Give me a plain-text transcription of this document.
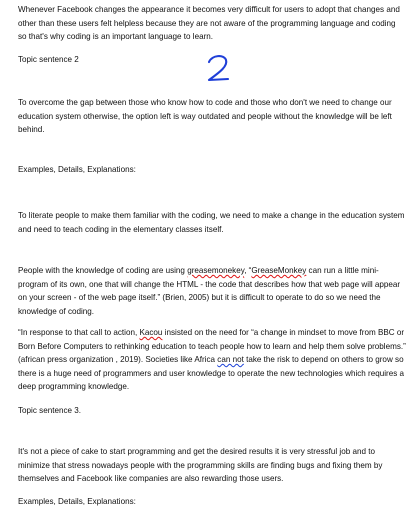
Whenever Facebook changes the appearance it becomes very difficult for users to adopt that changes and other than these users felt helpless because they are not aware of the programming language and coding so that's why coding is an important language to learn.

Topic sentence 2

To overcome the gap between those who know how to code and those who don't we need to change our education system otherwise, the option left is way outdated and people without the knowledge will be left behind.

Examples, Details, Explanations:

To literate people to make them familiar with the coding, we need to make a change in the education system and need to teach coding in the elementary classes itself.

People with the knowledge of coding are using greasemonekey, “GreaseMonkey can run a little mini-program of its own, one that will change the HTML - the code that describes how that web page will appear on your screen - of the web page itself.” (Brien, 2005) but it is difficult to operate to do so we need the knowledge of coding.

“In response to that call to action, Kacou insisted on the need for “a change in mindset to move from BBC or Born Before Computers to rethinking education to teach people how to learn and help them solve problems.” (african press organization , 2019). Societies like Africa can not take the risk to depend on others to grow so there is a huge need of programmers and user knowledge to operate the new technologies which requires a deep programming knowledge.

Topic sentence 3.

It's not a piece of cake to start programming and get the desired results it is very stressful job and to minimize that stress nowadays people with the programming skills are finding bugs and fixing them by themselves and Facebook like companies are also rewarding those users.

Examples, Details, Explanations:
